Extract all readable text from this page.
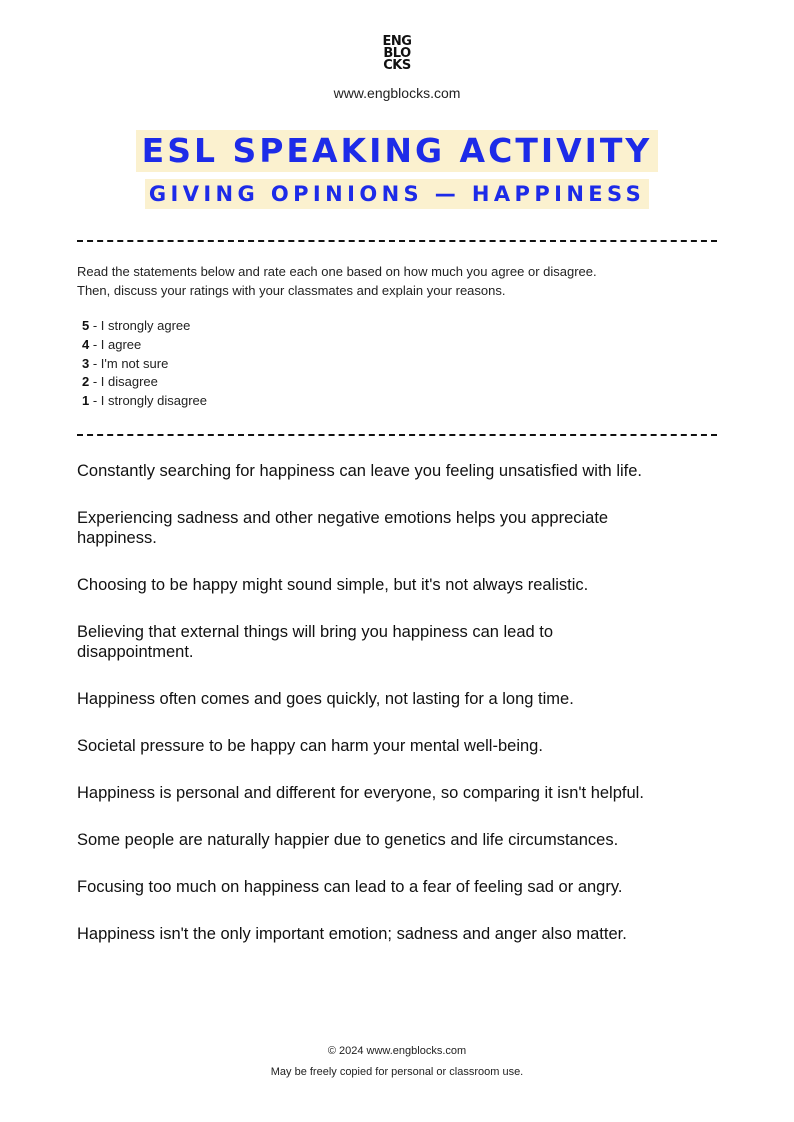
ENG
BLO
CKS
www.engblocks.com
ESL SPEAKING ACTIVITY
GIVING OPINIONS — HAPPINESS
Read the statements below and rate each one based on how much you agree or disagree.
Then, discuss your ratings with your classmates and explain your reasons.
5 - I strongly agree
4 - I agree
3 - I'm not sure
2 - I disagree
1 - I strongly disagree
Constantly searching for happiness can leave you feeling unsatisfied with life.
Experiencing sadness and other negative emotions helps you appreciate happiness.
Choosing to be happy might sound simple, but it's not always realistic.
Believing that external things will bring you happiness can lead to disappointment.
Happiness often comes and goes quickly, not lasting for a long time.
Societal pressure to be happy can harm your mental well-being.
Happiness is personal and different for everyone, so comparing it isn't helpful.
Some people are naturally happier due to genetics and life circumstances.
Focusing too much on happiness can lead to a fear of feeling sad or angry.
Happiness isn't the only important emotion; sadness and anger also matter.
© 2024 www.engblocks.com
May be freely copied for personal or classroom use.
